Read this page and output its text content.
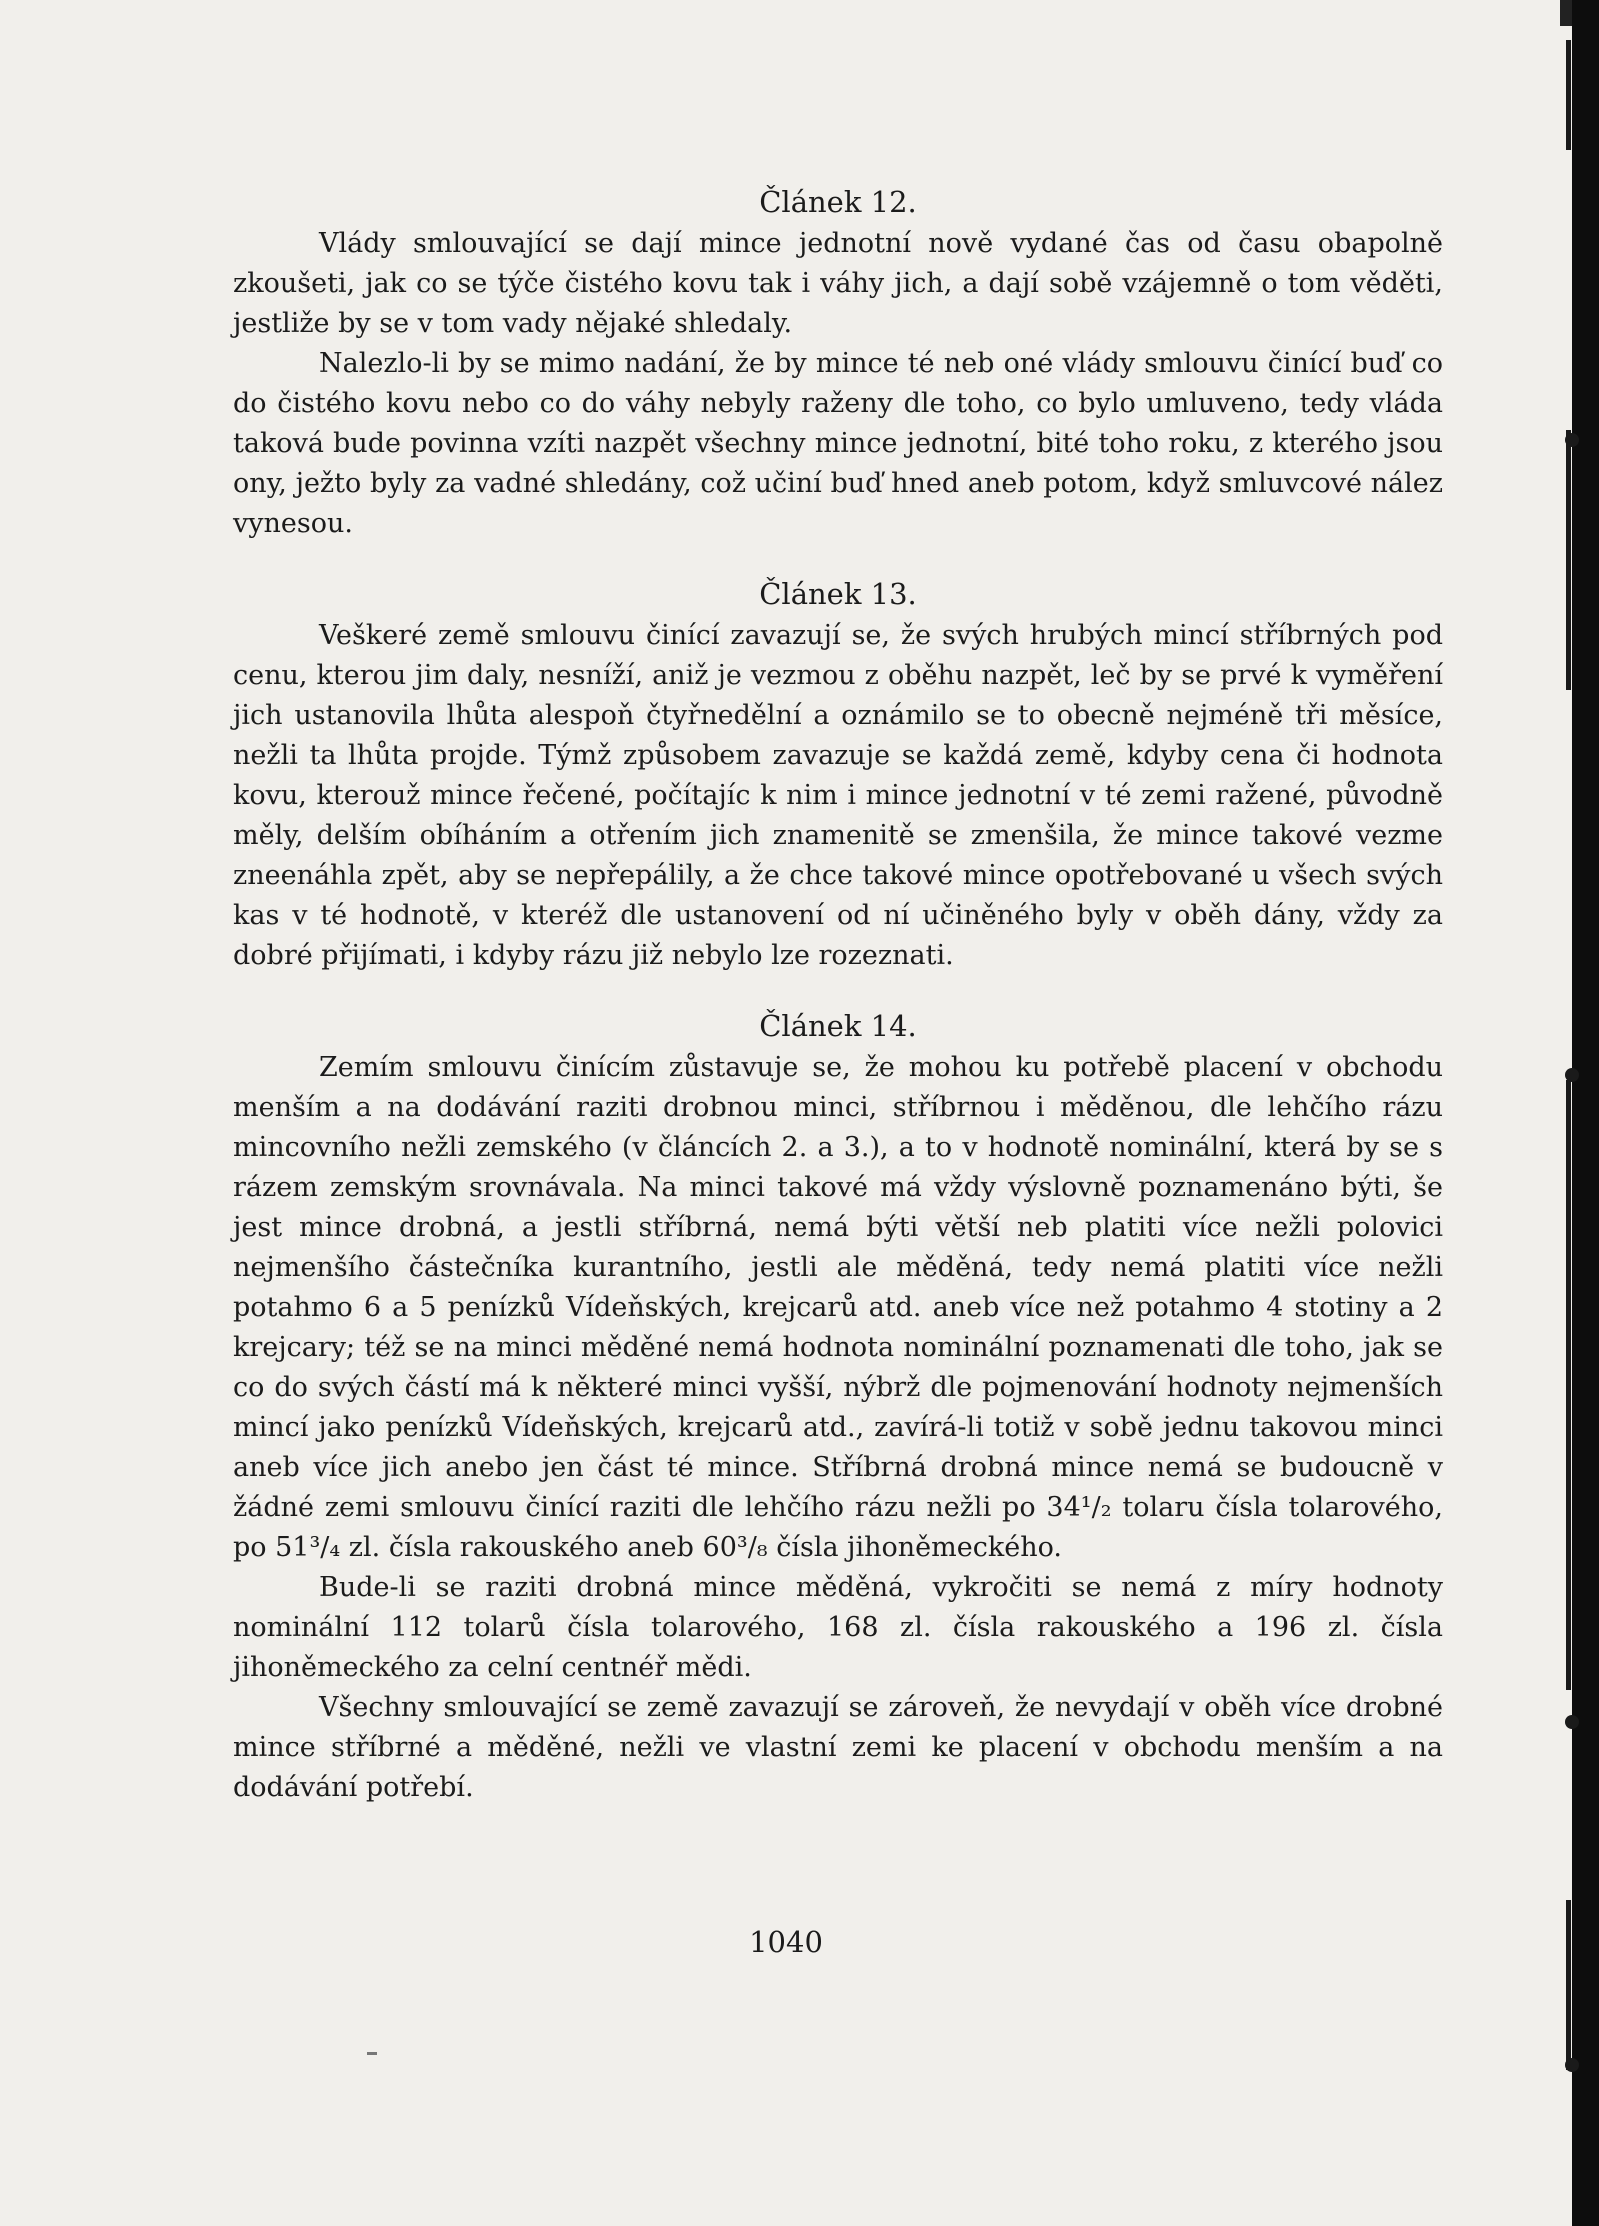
Článek 12.

Vlády smlouvající se dají mince jednotní nově vydané čas od času obapolně zkoušeti, jak co se týče čistého kovu tak i váhy jich, a dají sobě vzájemně o tom věděti, jestliže by se v tom vady nějaké shledaly.

Nalezlo-li by se mimo nadání, že by mince té neb oné vlády smlouvu činící buď co do čistého kovu nebo co do váhy nebyly raženy dle toho, co bylo umluveno, tedy vláda taková bude povinna vzíti nazpět všechny mince jednotní, bité toho roku, z kterého jsou ony, ježto byly za vadné shledány, což učiní buď hned aneb potom, když smluvcové nález vynesou.

Článek 13.

Veškeré země smlouvu činící zavazují se, že svých hrubých mincí stříbrných pod cenu, kterou jim daly, nesníží, aniž je vezmou z oběhu nazpět, leč by se prvé k vyměření jich ustanovila lhůta alespoň čtyřnedělní a oznámilo se to obecně nejméně tři měsíce, nežli ta lhůta projde. Týmž způsobem zavazuje se každá země, kdyby cena či hodnota kovu, kterouž mince řečené, počítajíc k nim i mince jednotní v té zemi ražené, původně měly, delším obíháním a otřením jich znamenitě se zmenšila, že mince takové vezme zneenáhla zpět, aby se nepřepálily, a že chce takové mince opotřebované u všech svých kas v té hodnotě, v kteréž dle ustanovení od ní učiněného byly v oběh dány, vždy za dobré přijímati, i kdyby rázu již nebylo lze rozeznati.

Článek 14.

Zemím smlouvu činícím zůstavuje se, že mohou ku potřebě placení v obchodu menším a na dodávání raziti drobnou minci, stříbrnou i měděnou, dle lehčího rázu mincovního nežli zemského (v článcích 2. a 3.), a to v hodnotě nominální, která by se s rázem zemským srovnávala. Na minci takové má vždy výslovně poznamenáno býti, še jest mince drobná, a jestli stříbrná, nemá býti větší neb platiti více nežli polovici nejmenšího částečníka kurantního, jestli ale měděná, tedy nemá platiti více nežli potahmo 6 a 5 penízků Vídeňských, krejcarů atd. aneb více než potahmo 4 stotiny a 2 krejcary; též se na minci měděné nemá hodnota nominální poznamenati dle toho, jak se co do svých částí má k některé minci vyšší, nýbrž dle pojmenování hodnoty nejmenších mincí jako penízků Vídeňských, krejcarů atd., zavírá-li totiž v sobě jednu takovou minci aneb více jich anebo jen část té mince. Stříbrná drobná mince nemá se budoucně v žádné zemi smlouvu činící raziti dle lehčího rázu nežli po 34¹/₂ tolaru čísla tolarového, po 51³/₄ zl. čísla rakouského aneb 60³/₈ čísla jihoněmeckého.

Bude-li se raziti drobná mince měděná, vykročiti se nemá z míry hodnoty nominální 112 tolarů čísla tolarového, 168 zl. čísla rakouského a 196 zl. čísla jihoněmeckého za celní centnéř mědi.

Všechny smlouvající se země zavazují se zároveň, že nevydají v oběh více drobné mince stříbrné a měděné, nežli ve vlastní zemi ke placení v obchodu menším a na dodávání potřebí.

1040
